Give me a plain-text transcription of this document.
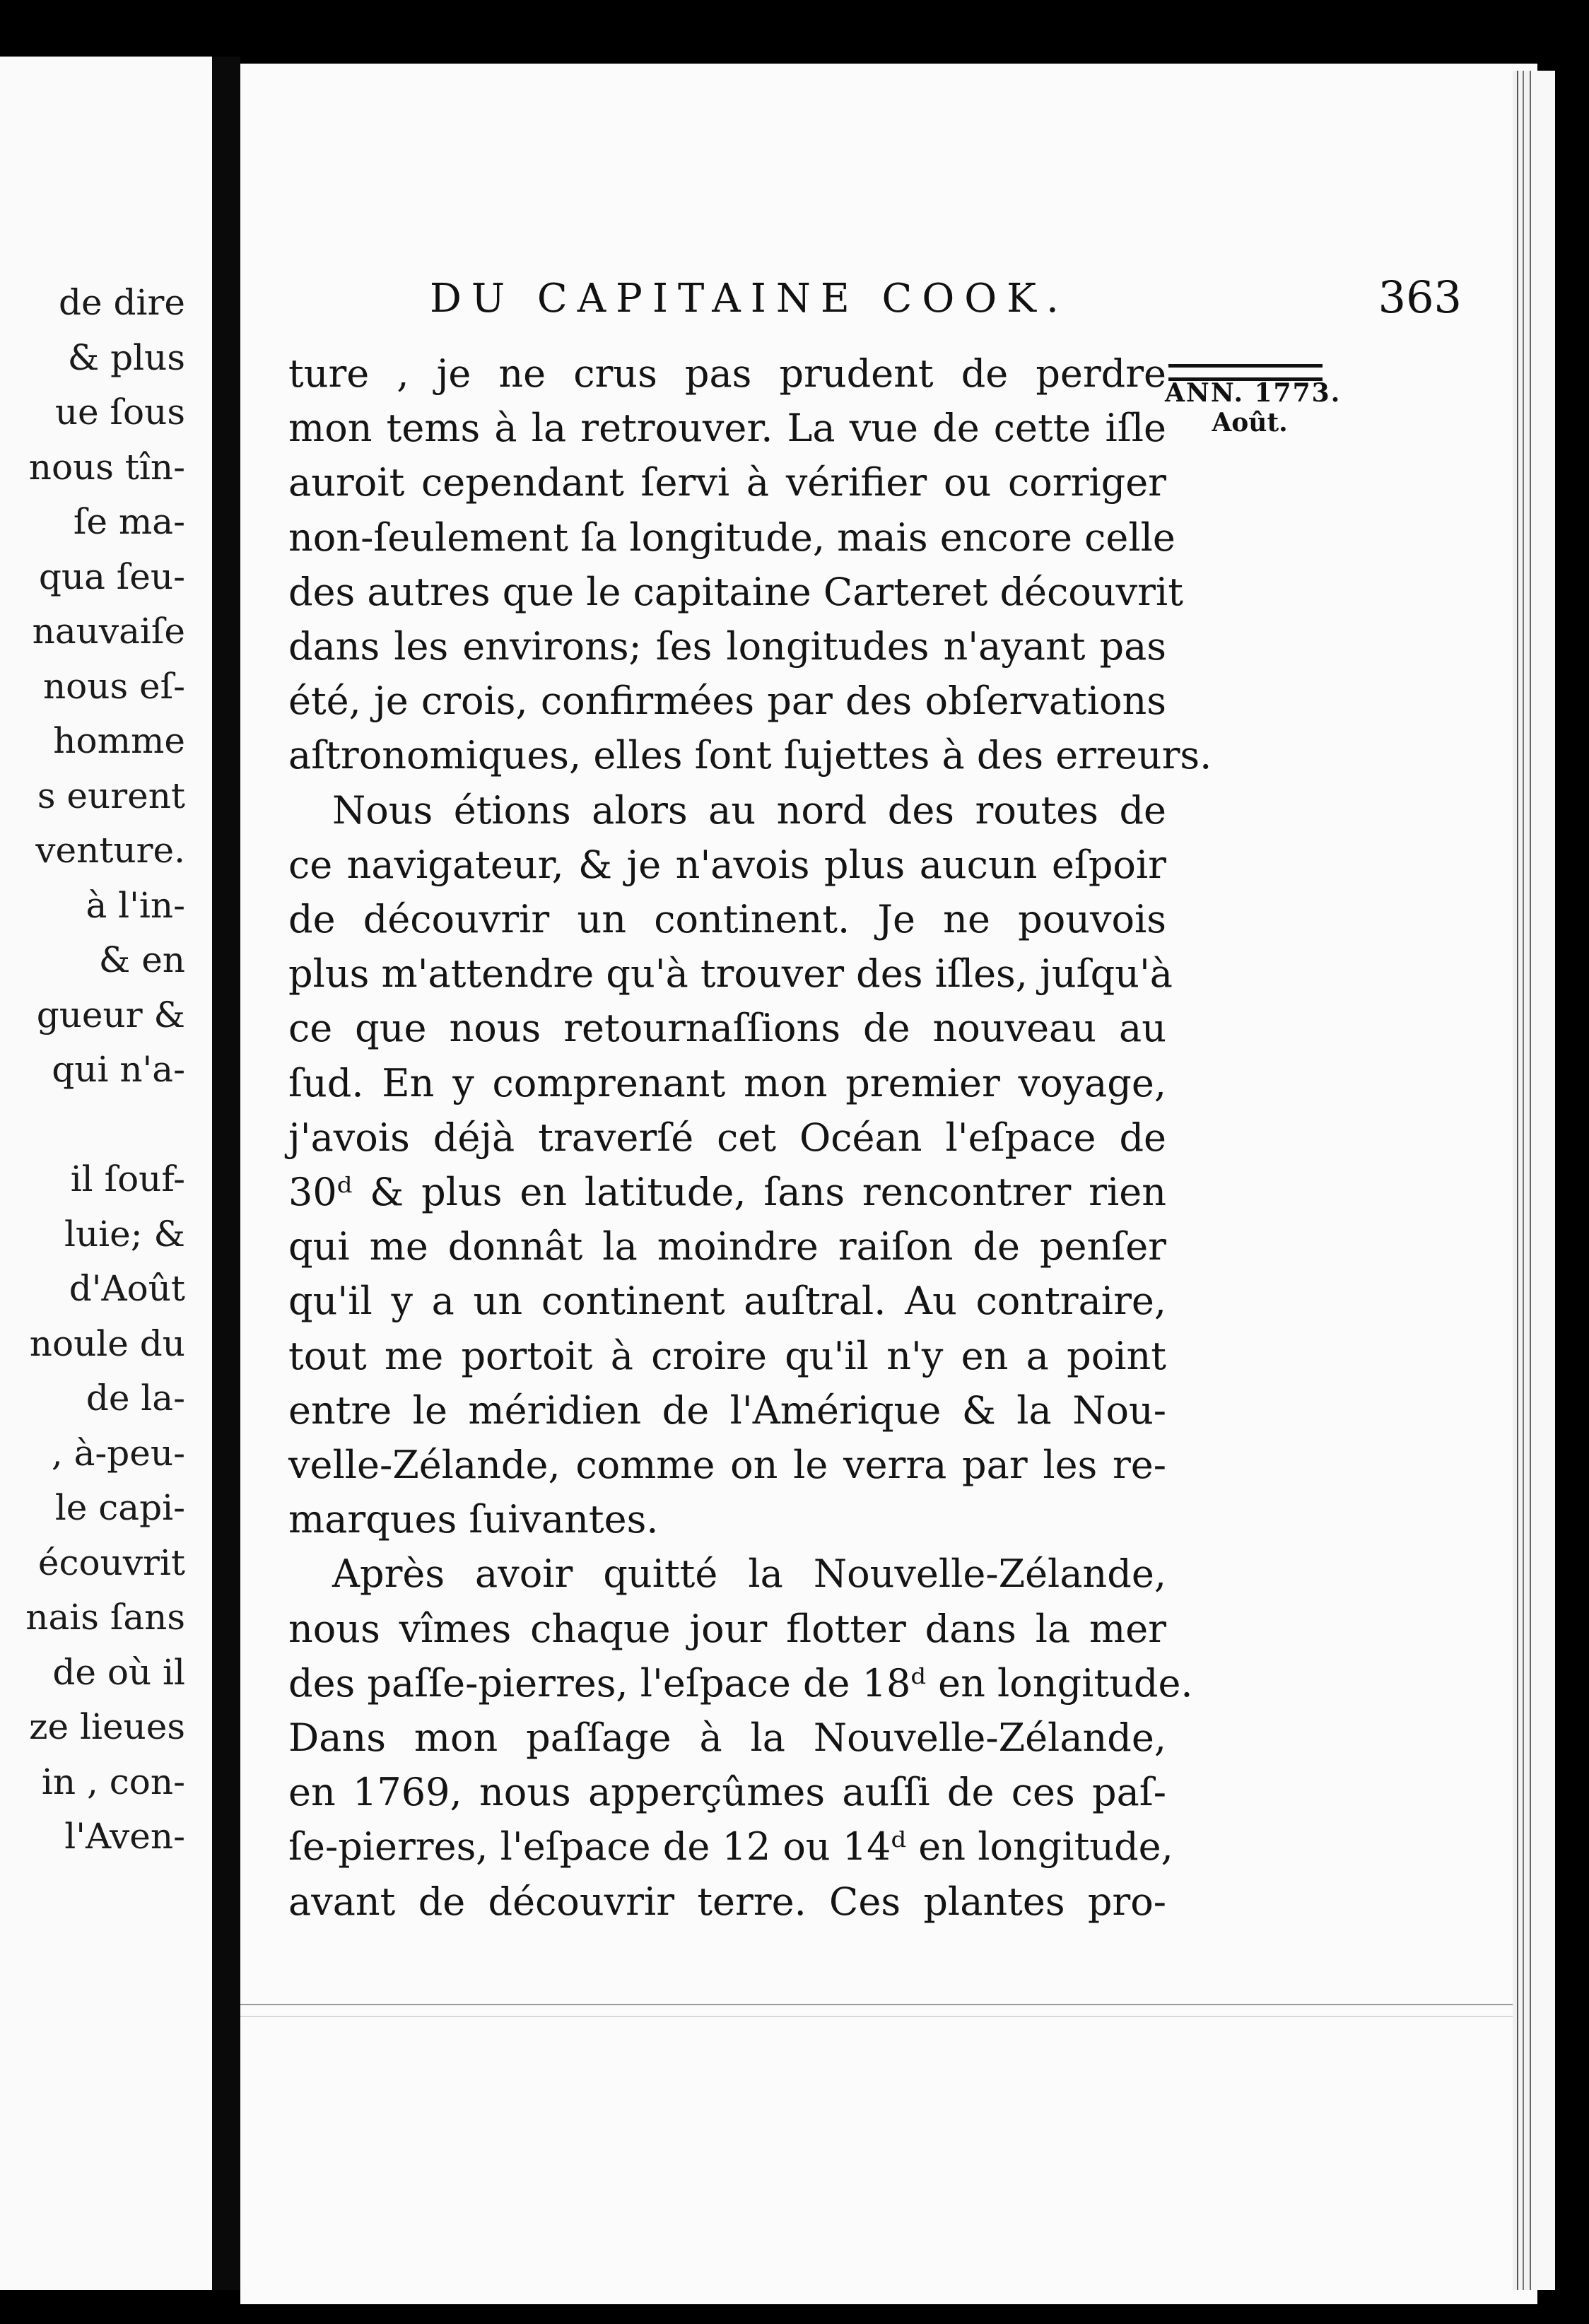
de dire
& plus
ue ſous
nous tîn-
ſe ma-
qua ſeu-
nauvaiſe
nous eſ-
homme
s eurent
venture.
à l'in-
& en
gueur &
qui n'a-

il ſouf-
luie; &
d'Août
noule du
de la-
, à-peu-
le capi-
écouvrit
nais ſans
de où il
ze lieues
in , con-
l'Aven-
DU CAPITAINE COOK.	363
ANN. 1773.
Août.
ture , je ne crus pas prudent de perdre
mon tems à la retrouver. La vue de cette iſle
auroit cependant ſervi à vérifier ou corriger
non-ſeulement ſa longitude, mais encore celle
des autres que le capitaine Carteret découvrit
dans les environs; ſes longitudes n'ayant pas
été, je crois, confirmées par des obſervations
aſtronomiques, elles ſont ſujettes à des erreurs.
Nous étions alors au nord des routes de
ce navigateur, & je n'avois plus aucun eſpoir
de découvrir un continent. Je ne pouvois
plus m'attendre qu'à trouver des iſles, juſqu'à
ce que nous retournaſſions de nouveau au
ſud. En y comprenant mon premier voyage,
j'avois déjà traverſé cet Océan l'eſpace de
30ᵈ & plus en latitude, ſans rencontrer rien
qui me donnât la moindre raiſon de penſer
qu'il y a un continent auſtral. Au contraire,
tout me portoit à croire qu'il n'y en a point
entre le méridien de l'Amérique & la Nou-
velle-Zélande, comme on le verra par les re-
marques ſuivantes.
Après avoir quitté la Nouvelle-Zélande,
nous vîmes chaque jour flotter dans la mer
des paſſe-pierres, l'eſpace de 18ᵈ en longitude.
Dans mon paſſage à la Nouvelle-Zélande,
en 1769, nous apperçûmes auſſi de ces paſ-
ſe-pierres, l'eſpace de 12 ou 14ᵈ en longitude,
avant de découvrir terre. Ces plantes pro-
